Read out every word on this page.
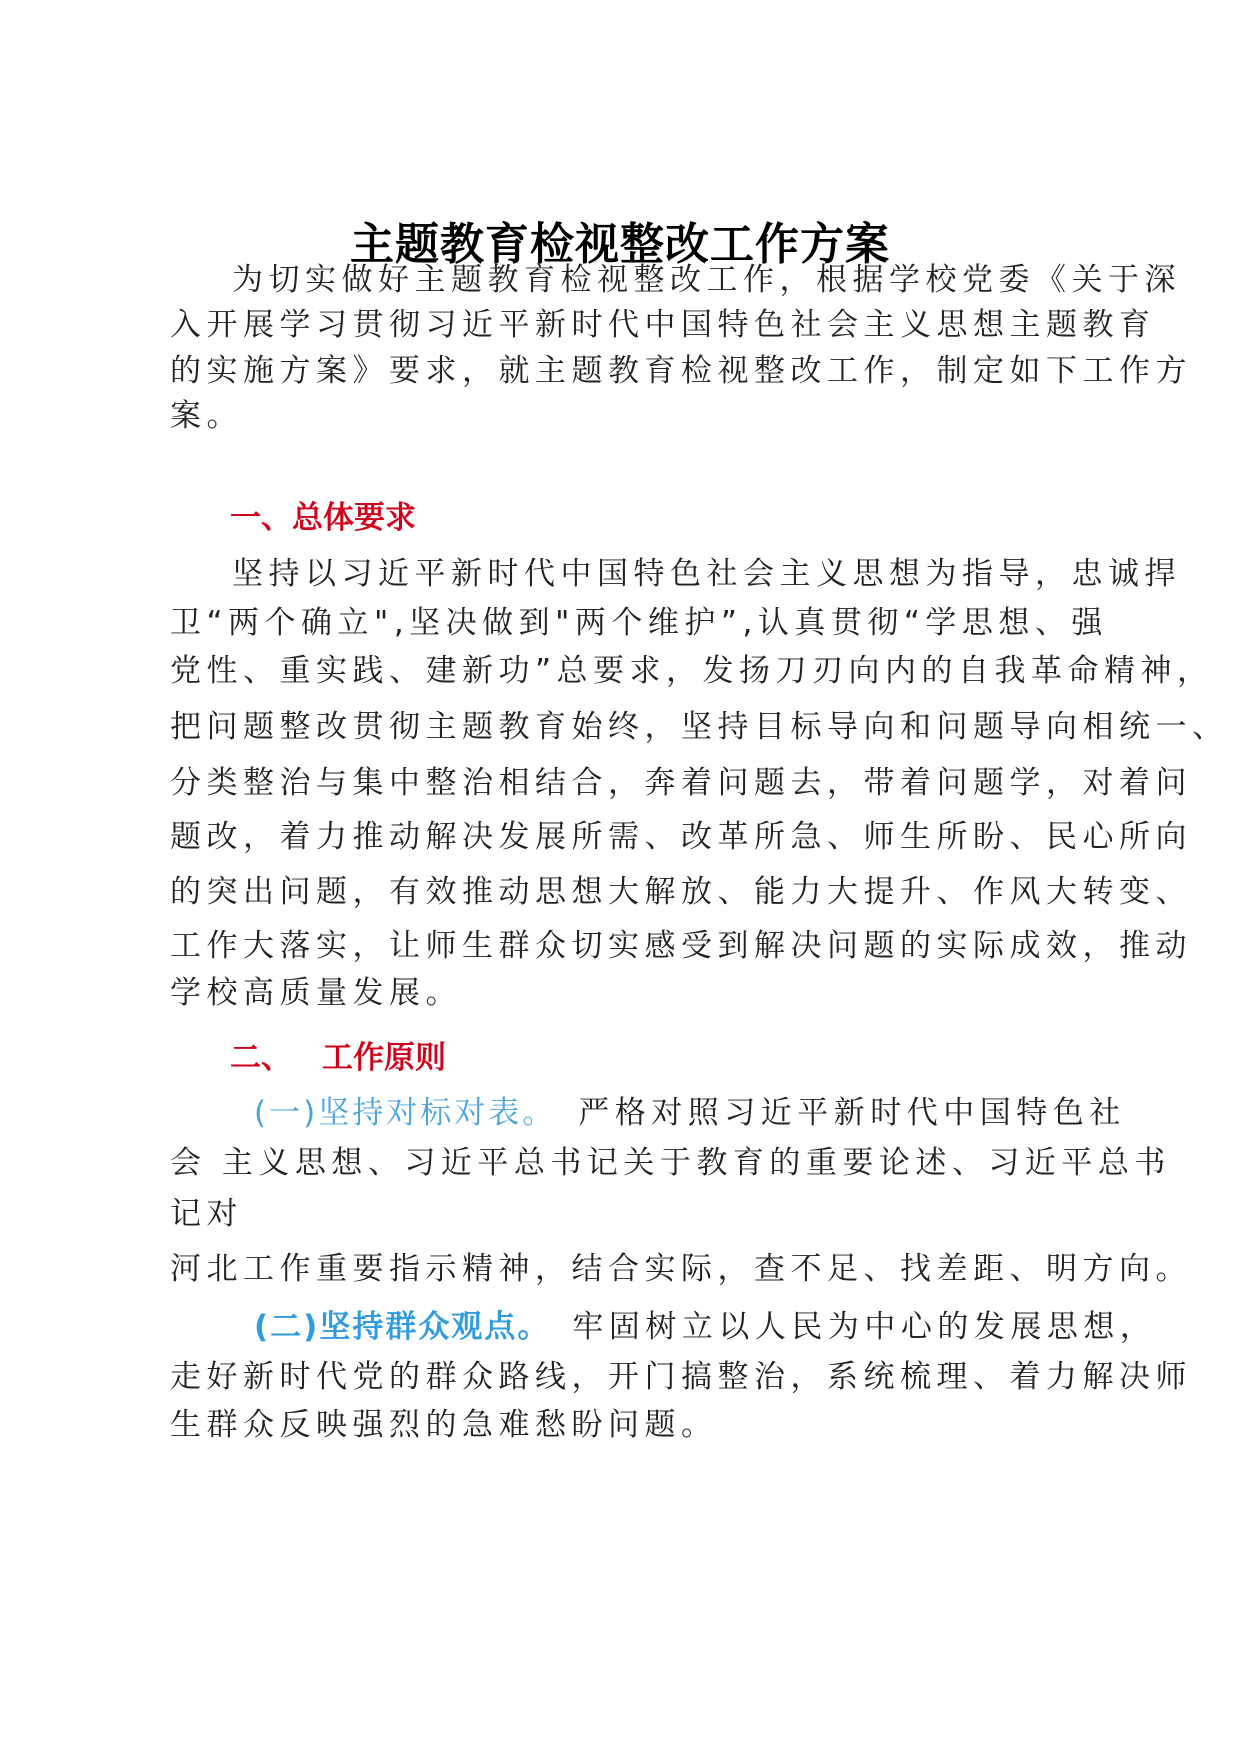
主题教育检视整改工作方案
为切实做好主题教育检视整改工作，根据学校党委《关于深
入开展学习贯彻习近平新时代中国特色社会主义思想主题教育
的实施方案》要求，就主题教育检视整改工作，制定如下工作方
案。
一、总体要求
坚持以习近平新时代中国特色社会主义思想为指导，忠诚捍
卫“两个确立",坚决做到"两个维护”,认真贯彻“学思想、强
党性、重实践、建新功”总要求，发扬刀刃向内的自我革命精神，
把问题整改贯彻主题教育始终，坚持目标导向和问题导向相统一、
分类整治与集中整治相结合，奔着问题去，带着问题学，对着问
题改，着力推动解决发展所需、改革所急、师生所盼、民心所向
的突出问题，有效推动思想大解放、能力大提升、作风大转变、
工作大落实，让师生群众切实感受到解决问题的实际成效，推动
学校高质量发展。
二、 工作原则
(一)坚持对标对表。 严格对照习近平新时代中国特色社
会 主义思想、习近平总书记关于教育的重要论述、习近平总书
记对
河北工作重要指示精神，结合实际，查不足、找差距、明方向。
(二)坚持群众观点。 牢固树立以人民为中心的发展思想，
走好新时代党的群众路线，开门搞整治，系统梳理、着力解决师
生群众反映强烈的急难愁盼问题。
